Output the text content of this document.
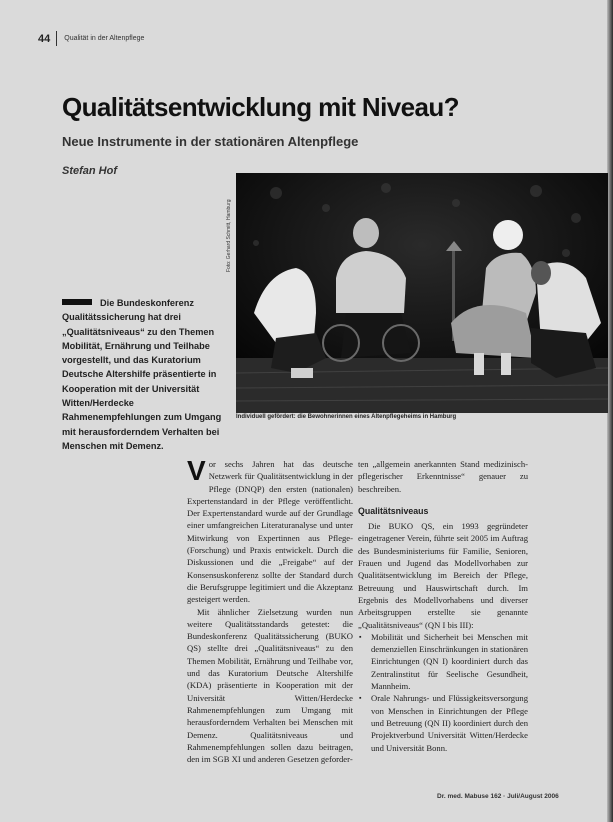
44 Qualität in der Altenpflege
Qualitätsentwicklung mit Niveau?
Neue Instrumente in der stationären Altenpflege
Stefan Hof
Foto: Gerhard Schmitt, Hamburg
Individuell gefördert: die Bewohnerinnen eines Altenpflegeheims in Hamburg
Die Bundeskonferenz Qualitätssicherung hat drei „Qualitätsniveaus“ zu den Themen Mobilität, Ernährung und Teilhabe vorgestellt, und das Kuratorium Deutsche Altershilfe präsentierte in Kooperation mit der Universität Witten/Herdecke Rahmenempfehlungen zum Umgang mit herausforderndem Verhalten bei Menschen mit Demenz.
V or sechs Jahren hat das deutsche Netzwerk für Qualitätsentwicklung in der Pflege (DNQP) den ersten (nationalen) Expertenstandard in der Pflege veröffentlicht. Der Expertenstandard wurde auf der Grundlage einer umfangreichen Literaturanalyse und unter Mitwirkung von Expertinnen aus Pflege-(Forschung) und Praxis entwickelt. Durch die Diskussionen und die „Freigabe“ auf der Konsensuskonferenz sollte der Standard durch die Berufsgruppe legitimiert und die Akzeptanz gesteigert werden.

Mit ähnlicher Zielsetzung wurden nun weitere Qualitätsstandards getestet: die Bundeskonferenz Qualitätssicherung (BUKO QS) stellte drei „Qualitätsniveaus“ zu den Themen Mobilität, Ernährung und Teilhabe vor, und das Kuratorium Deutsche Altershilfe (KDA) präsentierte in Kooperation mit der Universität Witten/Herdecke Rahmenempfehlungen zum Umgang mit herausforderndem Verhalten bei Menschen mit Demenz. Qualitätsniveaus und Rahmenempfehlungen sollen dazu beitragen, den im SGB XI und anderen Gesetzen geforder-

ten „allgemein anerkannten Stand medizinisch-pflegerischer Erkenntnisse“ genauer zu beschreiben.

Qualitätsniveaus

Die BUKO QS, ein 1993 gegründeter eingetragener Verein, führte seit 2005 im Auftrag des Bundesministeriums für Familie, Senioren, Frauen und Jugend das Modellvorhaben zur Qualitätsentwicklung im Bereich der Pflege, Betreuung und Hauswirtschaft durch. Im Ergebnis des Modellvorhabens und diverser Arbeitsgruppen erstellte sie genannte „Qualitätsniveaus“ (QN I bis III):

▪ Mobilität und Sicherheit bei Menschen mit demenziellen Einschränkungen in stationären Einrichtungen (QN I) koordiniert durch das Zentralinstitut für Seelische Gesundheit, Mannheim.
▪ Orale Nahrungs- und Flüssigkeitsversorgung von Menschen in Einrichtungen der Pflege und Betreuung (QN II) koordiniert durch den Projektverbund Universität Witten/Herdecke und Universität Bonn.
Dr. med. Mabuse 162 · Juli/August 2006
